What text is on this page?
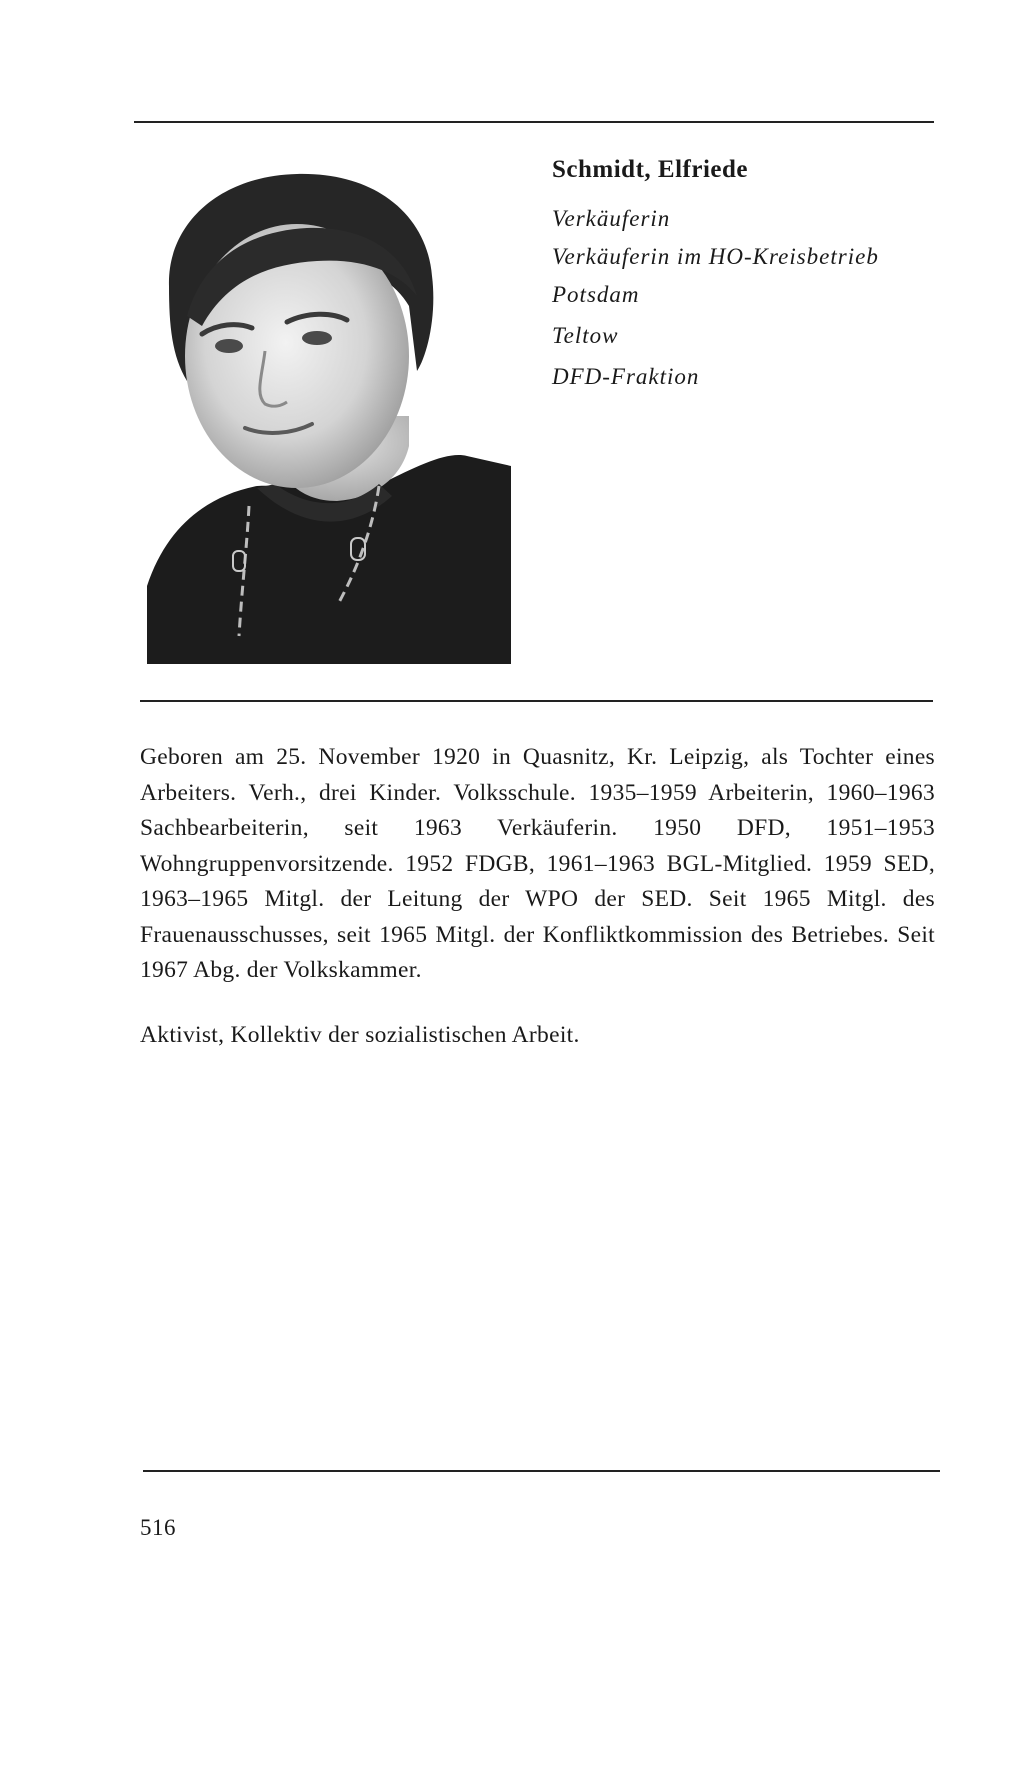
Schmidt, Elfriede

Verkäuferin

Verkäuferin im HO-Kreisbetrieb

Potsdam

Teltow

DFD-Fraktion

Geboren am 25. November 1920 in Quasnitz, Kr. Leipzig, als Tochter eines Arbeiters. Verh., drei Kinder. Volksschule. 1935–1959 Arbeiterin, 1960–1963 Sachbearbeiterin, seit 1963 Verkäuferin. 1950 DFD, 1951–1953 Wohngruppenvorsitzende. 1952 FDGB, 1961–1963 BGL-Mitglied. 1959 SED, 1963–1965 Mitgl. der Leitung der WPO der SED. Seit 1965 Mitgl. des Frauenausschusses, seit 1965 Mitgl. der Konfliktkommission des Betriebes. Seit 1967 Abg. der Volkskammer.

Aktivist, Kollektiv der sozialistischen Arbeit.

516
